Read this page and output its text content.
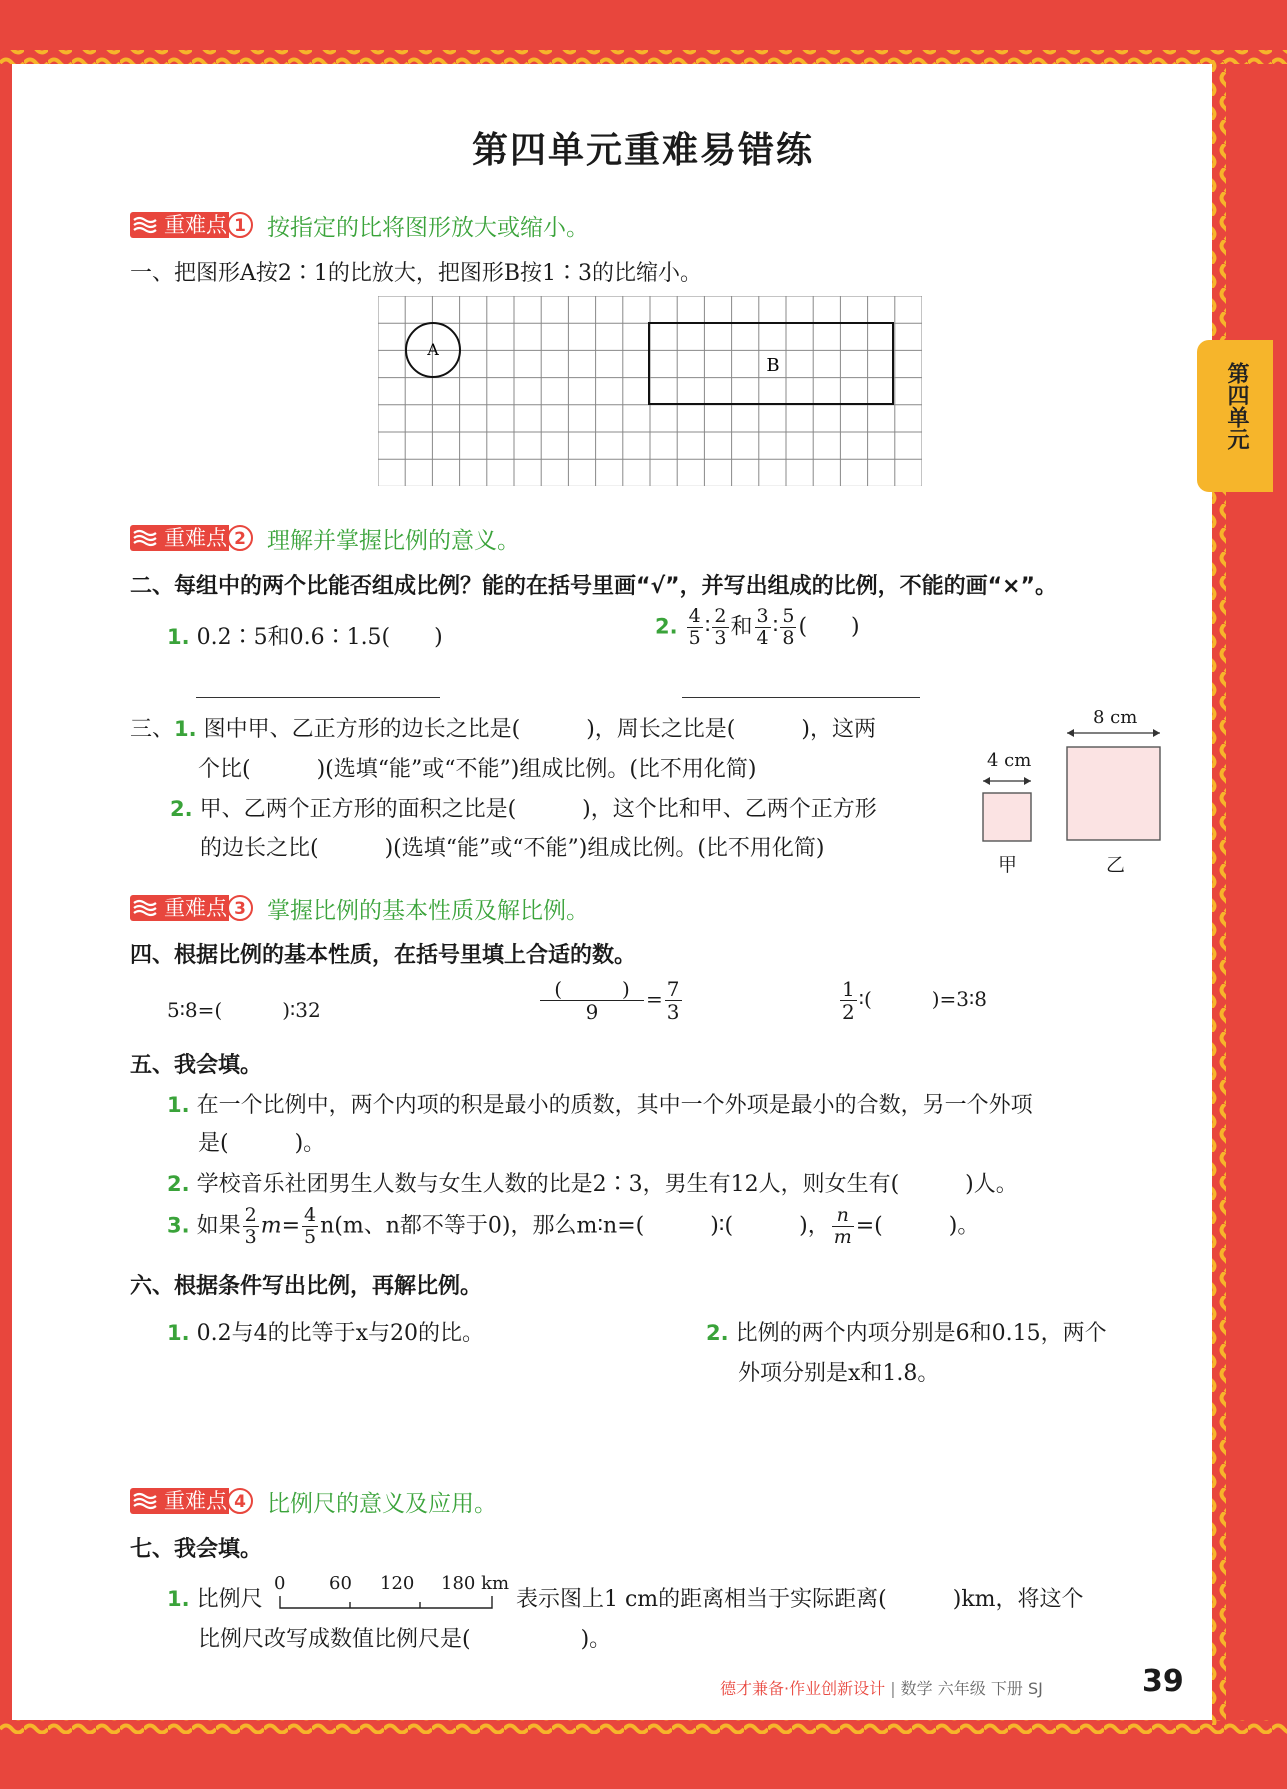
第四单元
第四单元重难易错练
重难点 1 按指定的比将图形放大或缩小。
一、把图形A按2∶1的比放大，把图形B按1∶3的比缩小。
A
B
重难点 2 理解并掌握比例的意义。
二、每组中的两个比能否组成比例？能的在括号里画“√”，并写出组成的比例，不能的画“×”。
1. 0.2∶5和0.6∶1.5(　　)	2. $\frac{4}{5}$ ∶ $\frac{2}{3}$ 和 $\frac{3}{4}$ ∶ $\frac{5}{8}$ (　　)
三、1. 图中甲、乙正方形的边长之比是(　　　)，周长之比是(　　　)，这两
个比(　　　)(选填“能”或“不能”)组成比例。(比不用化简)
2. 甲、乙两个正方形的面积之比是(　　　)，这个比和甲、乙两个正方形
的边长之比(　　　)(选填“能”或“不能”)组成比例。(比不用化简)
8 cm
4 cm
甲	乙
重难点 3 掌握比例的基本性质及解比例。
四、根据比例的基本性质，在括号里填上合适的数。
5∶8=(　　　)∶32	$\frac{( )}{9} = \frac{7}{3}$	$\frac{1}{2}$ ∶(　　　)=3∶8
五、我会填。
1. 在一个比例中，两个内项的积是最小的质数，其中一个外项是最小的合数，另一个外项
是(　　　)。
2. 学校音乐社团男生人数与女生人数的比是2∶3，男生有12人，则女生有(　　　)人。
3. 如果 $\frac{2}{3} m= \frac{4}{5} n(m$、n都不等于0)，那么m∶n=(　　　)∶(　　　)， $\frac{n}{m}$ =(　　　)。
六、根据条件写出比例，再解比例。
1. 0.2与4的比等于x与20的比。	2. 比例的两个内项分别是6和0.15，两个
外项分别是x和1.8。
重难点 4 比例尺的意义及应用。
七、我会填。
1. 比例尺
0 60 120 180 km
表示图上1 cm的距离相当于实际距离(　　　)km，将这个
比例尺改写成数值比例尺是(　　　　　)。
德才兼备·作业创新设计 | 数学 六年级 下册 SJ	39
